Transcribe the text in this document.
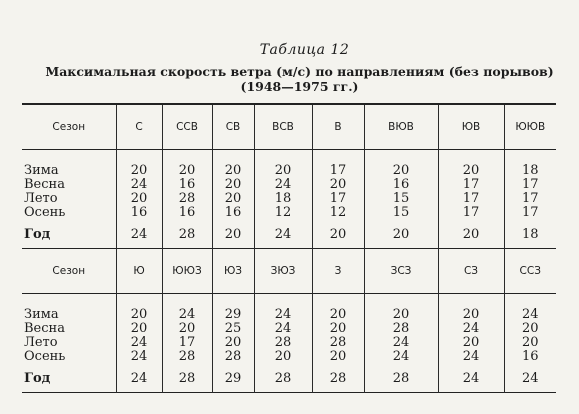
Таблица 12
Максимальная скорость ветра (м/с) по направлениям (без порывов)
(1948—1975 гг.)
Сезон	С	ССВ	СВ	ВСВ	В	ВЮВ	ЮВ	ЮЮВ
Зима	20	20	20	20	17	20	20	18
Весна	24	16	20	24	20	16	17	17
Лето	20	28	20	18	17	15	17	17
Осень	16	16	16	12	12	15	17	17
Год	24	28	20	24	20	20	20	18
Сезон	Ю	ЮЮЗ	ЮЗ	ЗЮЗ	З	ЗСЗ	СЗ	ССЗ
Зима	20	24	29	24	20	20	20	24
Весна	20	20	25	24	20	28	24	20
Лето	24	17	20	28	28	24	20	20
Осень	24	28	28	20	20	24	24	16
Год	24	28	29	28	28	28	24	24
